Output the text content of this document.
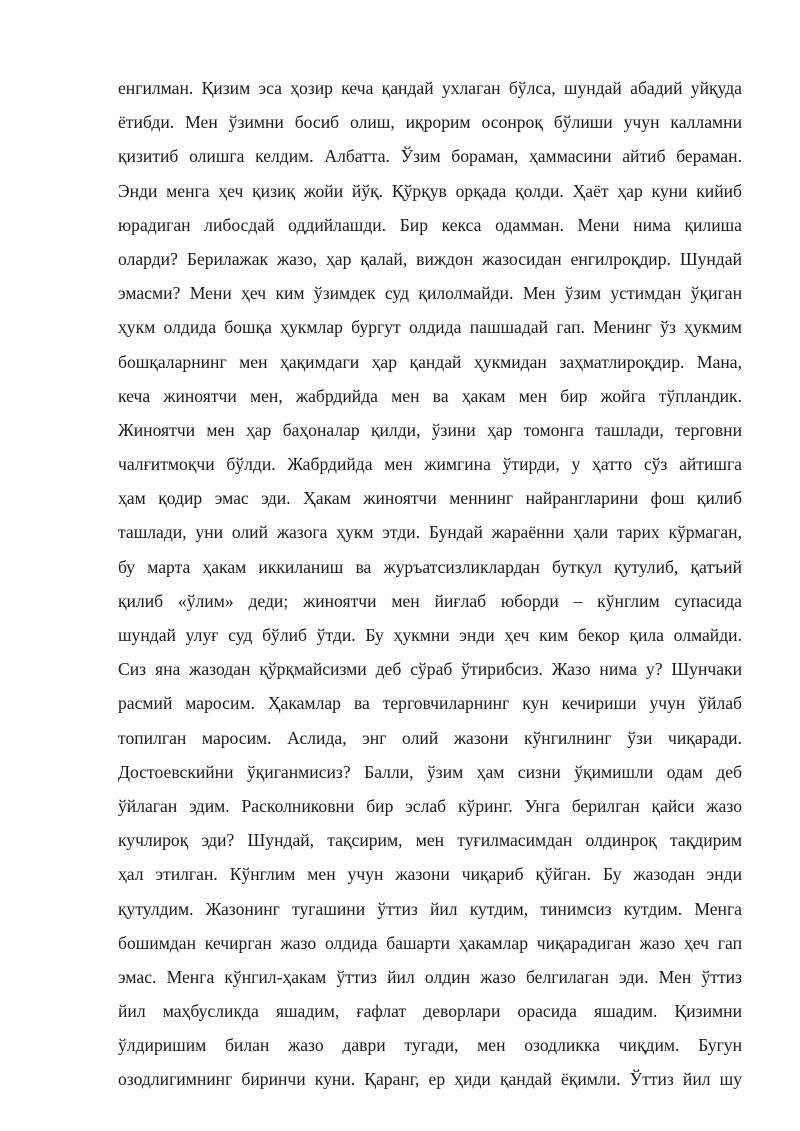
енгилман. Қизим эса ҳозир кеча қандай ухлаган бўлса, шундай абадий уйқуда
ётибди. Мен ўзимни босиб олиш, иқрорим осонроқ бўлиши учун калламни
қизитиб олишга келдим. Албатта. Ўзим бораман, ҳаммасини айтиб бераман.
Энди менга ҳеч қизиқ жойи йўқ. Қўрқув орқада қолди. Ҳаёт ҳар куни кийиб
юрадиган либосдай оддийлашди. Бир кекса одамман. Мени нима қилиша
оларди? Берилажак жазо, ҳар қалай, виждон жазосидан енгилроқдир. Шундай
эмасми? Мени ҳеч ким ўзимдек суд қилолмайди. Мен ўзим устимдан ўқиган
ҳукм олдида бошқа ҳукмлар бургут олдида пашшадай гап. Менинг ўз ҳукмим
бошқаларнинг мен ҳақимдаги ҳар қандай ҳукмидан заҳматлироқдир. Мана,
кеча жиноятчи мен, жабрдийда мен ва ҳакам мен бир жойга тўпландик.
Жиноятчи мен ҳар баҳоналар қилди, ўзини ҳар томонга ташлади, терговни
чалғитмоқчи бўлди. Жабрдийда мен жимгина ўтирди, у ҳатто сўз айтишга
ҳам қодир эмас эди. Ҳакам жиноятчи меннинг найрангларини фош қилиб
ташлади, уни олий жазога ҳукм этди. Бундай жараённи ҳали тарих кўрмаган,
бу марта ҳакам иккиланиш ва журъатсизликлардан буткул қутулиб, қатъий
қилиб «ўлим» деди; жиноятчи мен йиғлаб юборди – кўнглим супасида
шундай улуғ суд бўлиб ўтди. Бу ҳукмни энди ҳеч ким бекор қила олмайди.
Сиз яна жазодан қўрқмайсизми деб сўраб ўтирибсиз. Жазо нима у? Шунчаки
расмий маросим. Ҳакамлар ва терговчиларнинг кун кечириши учун ўйлаб
топилган маросим. Аслида, энг олий жазони кўнгилнинг ўзи чиқаради.
Достоевскийни ўқиганмисиз? Балли, ўзим ҳам сизни ўқимишли одам деб
ўйлаган эдим. Расколниковни бир эслаб кўринг. Унга берилган қайси жазо
кучлироқ эди? Шундай, тақсирим, мен туғилмасимдан олдинроқ тақдирим
ҳал этилган. Кўнглим мен учун жазони чиқариб қўйган. Бу жазодан энди
қутулдим. Жазонинг тугашини ўттиз йил кутдим, тинимсиз кутдим. Менга
бошимдан кечирган жазо олдида башарти ҳакамлар чиқарадиган жазо ҳеч гап
эмас. Менга кўнгил-ҳакам ўттиз йил олдин жазо белгилаган эди. Мен ўттиз
йил маҳбусликда яшадим, ғафлат деворлари орасида яшадим. Қизимни
ўлдиришим билан жазо даври тугади, мен озодликка чиқдим. Бугун
озодлигимнинг биринчи куни. Қаранг, ер ҳиди қандай ёқимли. Ўттиз йил шу
